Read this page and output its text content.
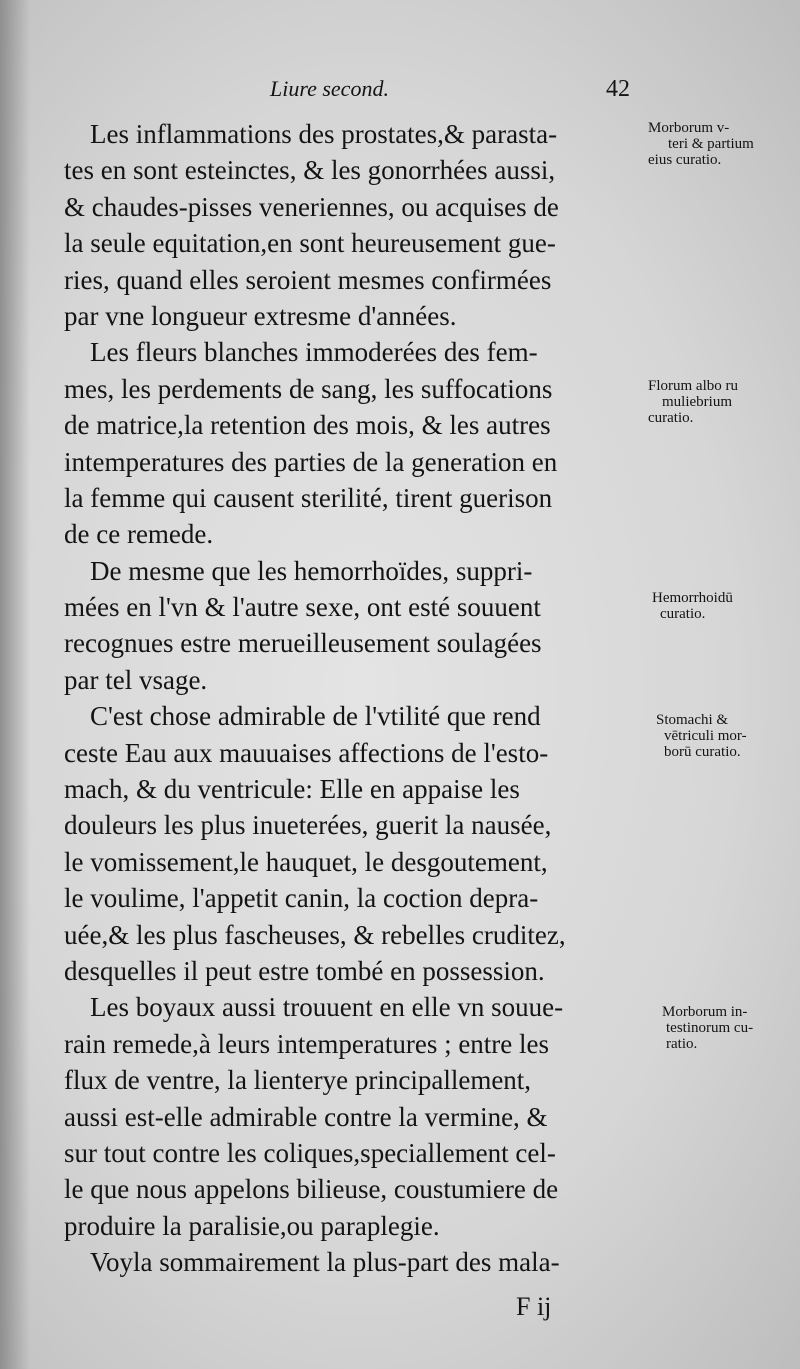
Liure second.	42
Les inflammations des prostates,& parasta-
tes en sont esteinctes, & les gonorrhées aussi,
& chaudes-pisses veneriennes, ou acquises de
la seule equitation,en sont heureusement gue-
ries, quand elles seroient mesmes confirmées
par vne longueur extresme d'années.
Les fleurs blanches immoderées des fem-
mes, les perdements de sang, les suffocations
de matrice,la retention des mois, & les autres
intemperatures des parties de la generation en
la femme qui causent sterilité, tirent guerison
de ce remede.
De mesme que les hemorrhoïdes, suppri-
mées en l'vn & l'autre sexe, ont esté souuent
recognues estre merueilleusement soulagées
par tel vsage.
C'est chose admirable de l'vtilité que rend
ceste Eau aux mauuaises affections de l'esto-
mach, & du ventricule: Elle en appaise les
douleurs les plus inueterées, guerit la nausée,
le vomissement,le hauquet, le desgoutement,
le voulime, l'appetit canin, la coction depra-
uée,& les plus fascheuses, & rebelles cruditez,
desquelles il peut estre tombé en possession.
Les boyaux aussi trouuent en elle vn souue-
rain remede,à leurs intemperatures ; entre les
flux de ventre, la lienterye principallement,
aussi est-elle admirable contre la vermine, &
sur tout contre les coliques,speciallement cel-
le que nous appelons bilieuse, coustumiere de
produire la paralisie,ou paraplegie.
Voyla sommairement la plus-part des mala-
Morborum v-
teri & partium
eius curatio.
Florum albo ru
muliebrium
curatio.
Hemorrhoidū
curatio.
Stomachi &
vētriculi mor-
borū curatio.
Morborum in-
testinorum cu-
ratio.
F ij
